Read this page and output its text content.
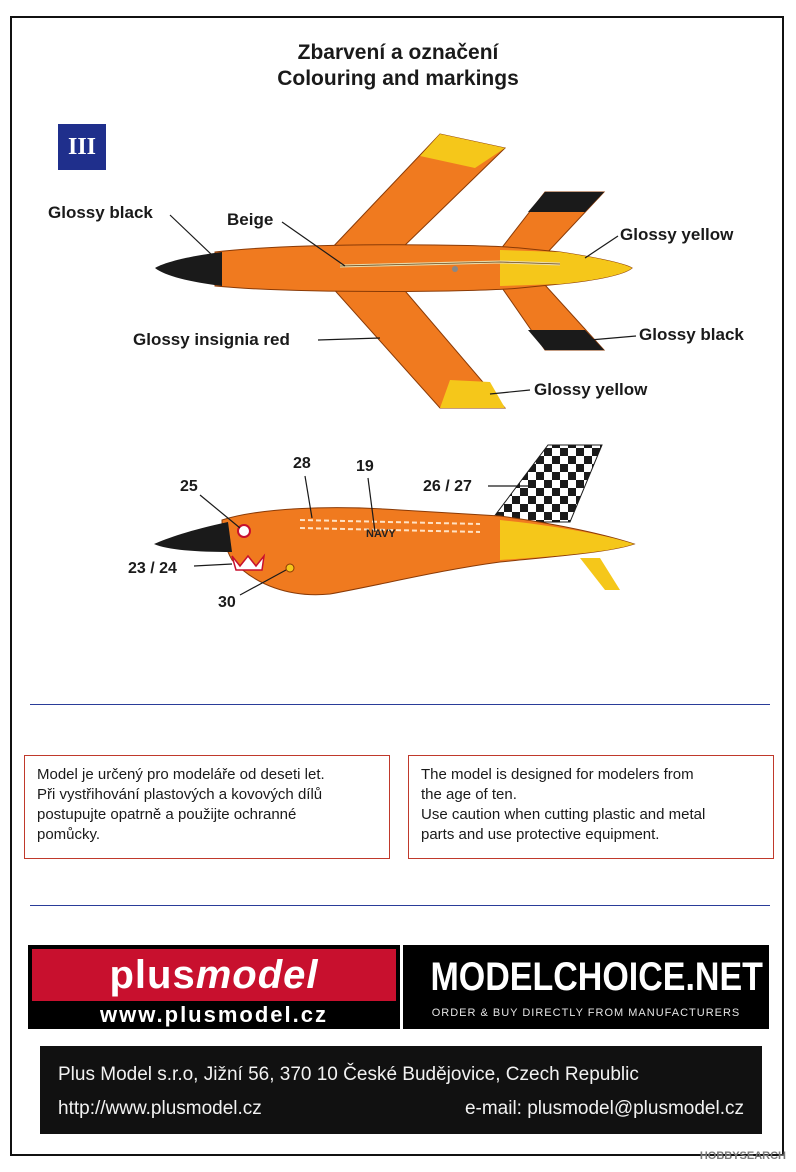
Zbarvení a označení
Colouring and markings
III
Glossy black	Beige
Glossy insignia red
Glossy yellow
Glossy black
Glossy yellow
25
28	19
26 / 27
23 / 24
30
NAVY
Model je určený pro modeláře od deseti let.
Při vystřihování plastových a kovových dílů
postupujte opatrně a použijte ochranné
pomůcky.
The model is designed for modelers from
the age of ten.
Use caution when cutting plastic and metal
parts and use protective equipment.
plusmodel
www.plusmodel.cz
MODELCHOICE.NET
ORDER & BUY DIRECTLY FROM MANUFACTURERS
Plus Model s.r.o, Jižní 56, 370 10 České Budějovice, Czech Republic
http://www.plusmodel.cz	e-mail: plusmodel@plusmodel.cz
HOBBYSEARCH
